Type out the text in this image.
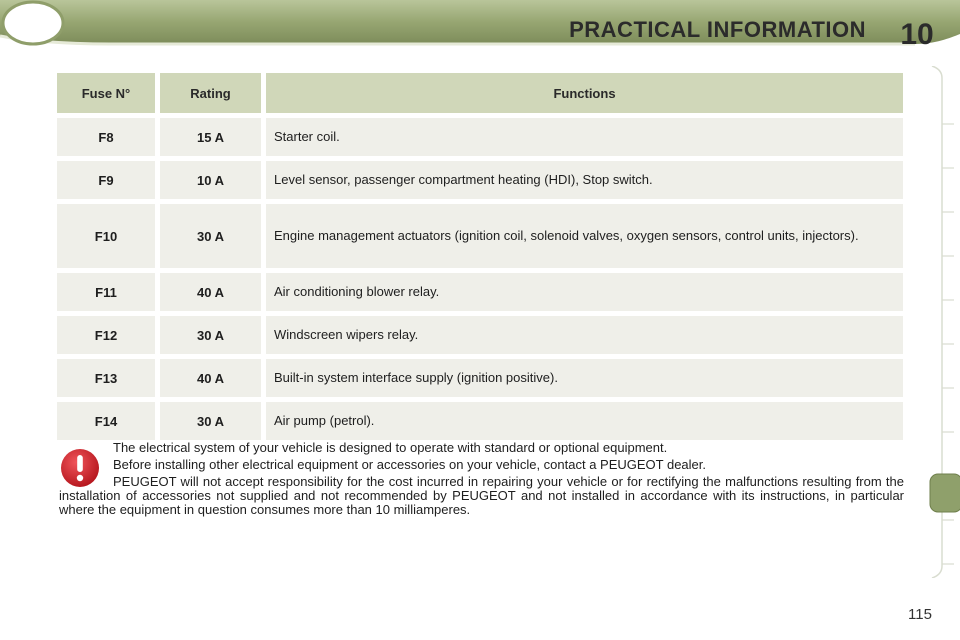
10
PRACTICAL INFORMATION
Fuse N°	Rating	Functions
F8	15 A	Starter coil.
F9	10 A	Level sensor, passenger compartment heating (HDI), Stop switch.
F10	30 A	Engine management actuators (ignition coil, solenoid valves, oxygen sensors, control units, injectors).
F11	40 A	Air conditioning blower relay.
F12	30 A	Windscreen wipers relay.
F13	40 A	Built-in system interface supply (ignition positive).
F14	30 A	Air pump (petrol).

The electrical system of your vehicle is designed to operate with standard or optional equipment.

Before installing other electrical equipment or accessories on your vehicle, contact a PEUGEOT dealer.

PEUGEOT will not accept responsibility for the cost incurred in repairing your vehicle or for rectifying the malfunctions resulting from the installation of accessories not supplied and not recommended by PEUGEOT and not installed in accordance with its instructions, in particular where the equipment in question consumes more than 10 milliamperes.

115
